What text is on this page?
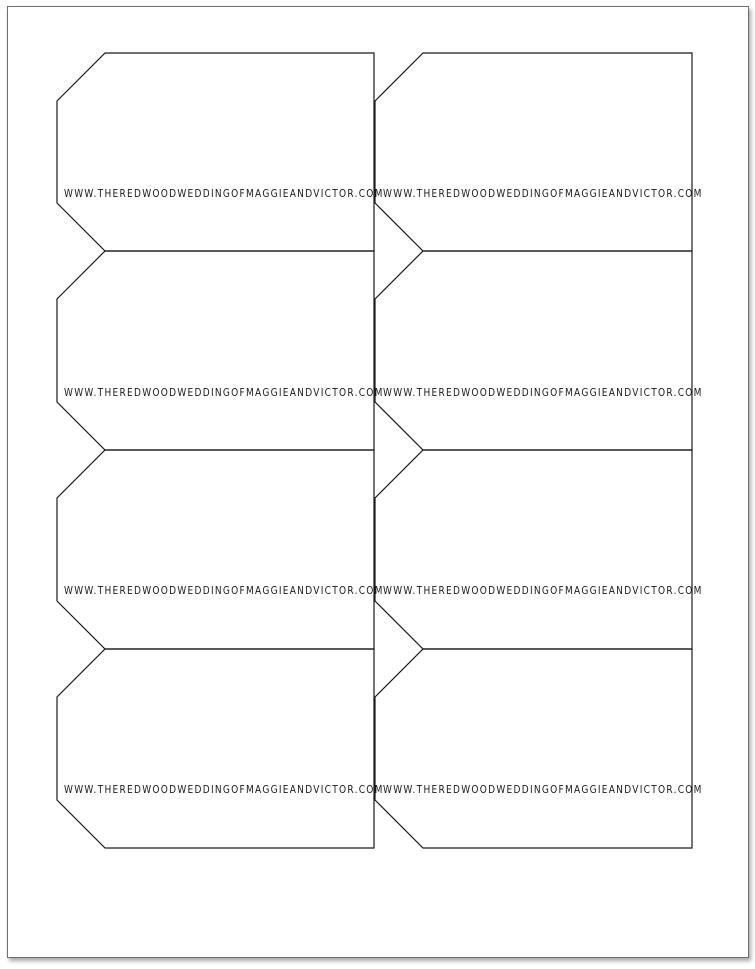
WWW.THEREDWOODWEDDINGOFMAGGIEANDVICTOR.COM
WWW.THEREDWOODWEDDINGOFMAGGIEANDVICTOR.COM
WWW.THEREDWOODWEDDINGOFMAGGIEANDVICTOR.COM
WWW.THEREDWOODWEDDINGOFMAGGIEANDVICTOR.COM
WWW.THEREDWOODWEDDINGOFMAGGIEANDVICTOR.COM
WWW.THEREDWOODWEDDINGOFMAGGIEANDVICTOR.COM
WWW.THEREDWOODWEDDINGOFMAGGIEANDVICTOR.COM
WWW.THEREDWOODWEDDINGOFMAGGIEANDVICTOR.COM
